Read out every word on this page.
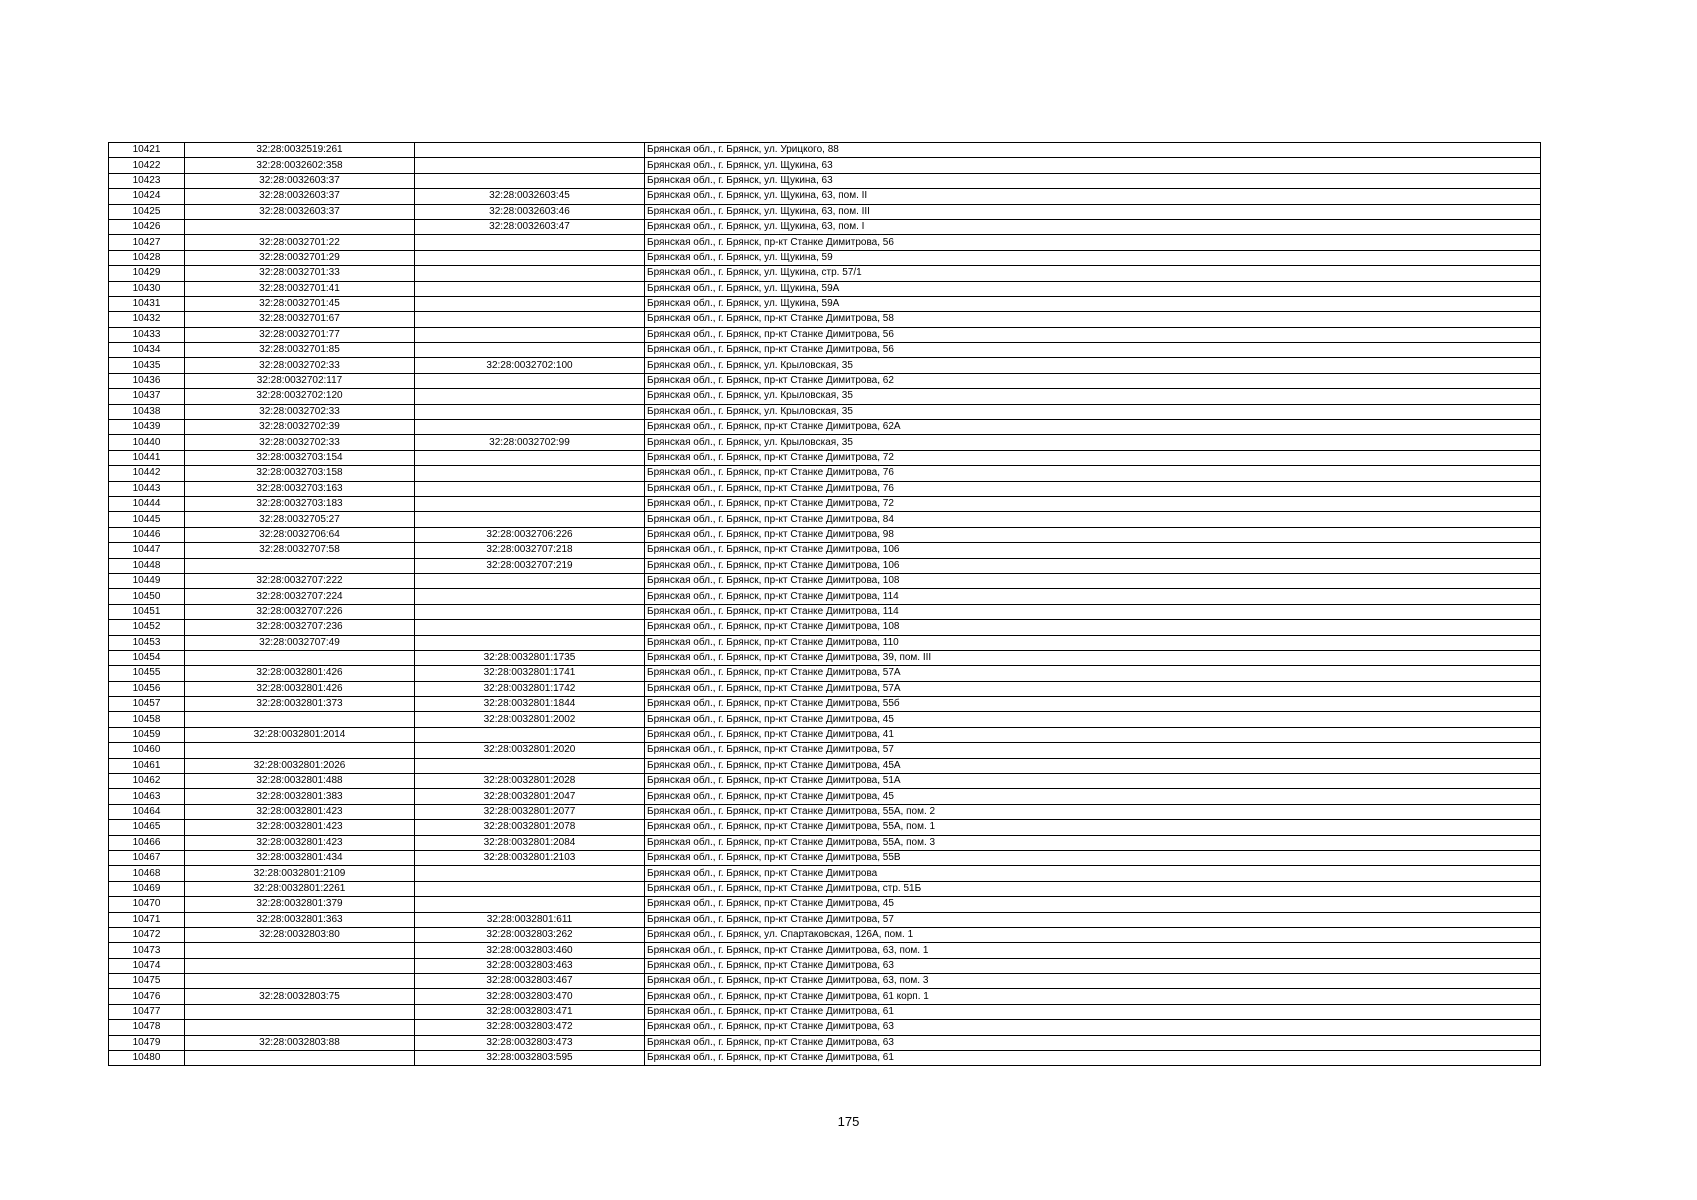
10421	32:28:0032519:261		Брянская обл., г. Брянск, ул. Урицкого, 88
10422	32:28:0032602:358		Брянская обл., г. Брянск, ул. Щукина, 63
10423	32:28:0032603:37		Брянская обл., г. Брянск, ул. Щукина, 63
10424	32:28:0032603:37	32:28:0032603:45	Брянская обл., г. Брянск, ул. Щукина, 63, пом. II
10425	32:28:0032603:37	32:28:0032603:46	Брянская обл., г. Брянск, ул. Щукина, 63, пом. III
10426		32:28:0032603:47	Брянская обл., г. Брянск, ул. Щукина, 63, пом. I
10427	32:28:0032701:22		Брянская обл., г. Брянск, пр-кт Станке Димитрова, 56
10428	32:28:0032701:29		Брянская обл., г. Брянск, ул. Щукина, 59
10429	32:28:0032701:33		Брянская обл., г. Брянск, ул. Щукина, стр. 57/1
10430	32:28:0032701:41		Брянская обл., г. Брянск, ул. Щукина, 59А
10431	32:28:0032701:45		Брянская обл., г. Брянск, ул. Щукина, 59А
10432	32:28:0032701:67		Брянская обл., г. Брянск, пр-кт Станке Димитрова, 58
10433	32:28:0032701:77		Брянская обл., г. Брянск, пр-кт Станке Димитрова, 56
10434	32:28:0032701:85		Брянская обл., г. Брянск, пр-кт Станке Димитрова, 56
10435	32:28:0032702:33	32:28:0032702:100	Брянская обл., г. Брянск, ул. Крыловская, 35
10436	32:28:0032702:117		Брянская обл., г. Брянск, пр-кт Станке Димитрова, 62
10437	32:28:0032702:120		Брянская обл., г. Брянск, ул. Крыловская, 35
10438	32:28:0032702:33		Брянская обл., г. Брянск, ул. Крыловская, 35
10439	32:28:0032702:39		Брянская обл., г. Брянск, пр-кт Станке Димитрова, 62А
10440	32:28:0032702:33	32:28:0032702:99	Брянская обл., г. Брянск, ул. Крыловская, 35
10441	32:28:0032703:154		Брянская обл., г. Брянск, пр-кт Станке Димитрова, 72
10442	32:28:0032703:158		Брянская обл., г. Брянск, пр-кт Станке Димитрова, 76
10443	32:28:0032703:163		Брянская обл., г. Брянск, пр-кт Станке Димитрова, 76
10444	32:28:0032703:183		Брянская обл., г. Брянск, пр-кт Станке Димитрова, 72
10445	32:28:0032705:27		Брянская обл., г. Брянск, пр-кт Станке Димитрова, 84
10446	32:28:0032706:64	32:28:0032706:226	Брянская обл., г. Брянск, пр-кт Станке Димитрова, 98
10447	32:28:0032707:58	32:28:0032707:218	Брянская обл., г. Брянск, пр-кт Станке Димитрова, 106
10448		32:28:0032707:219	Брянская обл., г. Брянск, пр-кт Станке Димитрова, 106
10449	32:28:0032707:222		Брянская обл., г. Брянск, пр-кт Станке Димитрова, 108
10450	32:28:0032707:224		Брянская обл., г. Брянск, пр-кт Станке Димитрова, 114
10451	32:28:0032707:226		Брянская обл., г. Брянск, пр-кт Станке Димитрова, 114
10452	32:28:0032707:236		Брянская обл., г. Брянск, пр-кт Станке Димитрова, 108
10453	32:28:0032707:49		Брянская обл., г. Брянск, пр-кт Станке Димитрова, 110
10454		32:28:0032801:1735	Брянская обл., г. Брянск, пр-кт Станке Димитрова, 39, пом. III
10455	32:28:0032801:426	32:28:0032801:1741	Брянская обл., г. Брянск, пр-кт Станке Димитрова, 57А
10456	32:28:0032801:426	32:28:0032801:1742	Брянская обл., г. Брянск, пр-кт Станке Димитрова, 57А
10457	32:28:0032801:373	32:28:0032801:1844	Брянская обл., г. Брянск, пр-кт Станке Димитрова, 55б
10458		32:28:0032801:2002	Брянская обл., г. Брянск, пр-кт Станке Димитрова, 45
10459	32:28:0032801:2014		Брянская обл., г. Брянск, пр-кт Станке Димитрова, 41
10460		32:28:0032801:2020	Брянская обл., г. Брянск, пр-кт Станке Димитрова, 57
10461	32:28:0032801:2026		Брянская обл., г. Брянск, пр-кт Станке Димитрова, 45А
10462	32:28:0032801:488	32:28:0032801:2028	Брянская обл., г. Брянск, пр-кт Станке Димитрова, 51А
10463	32:28:0032801:383	32:28:0032801:2047	Брянская обл., г. Брянск, пр-кт Станке Димитрова, 45
10464	32:28:0032801:423	32:28:0032801:2077	Брянская обл., г. Брянск, пр-кт Станке Димитрова, 55А, пом. 2
10465	32:28:0032801:423	32:28:0032801:2078	Брянская обл., г. Брянск, пр-кт Станке Димитрова, 55А, пом. 1
10466	32:28:0032801:423	32:28:0032801:2084	Брянская обл., г. Брянск, пр-кт Станке Димитрова, 55А, пом. 3
10467	32:28:0032801:434	32:28:0032801:2103	Брянская обл., г. Брянск, пр-кт Станке Димитрова, 55В
10468	32:28:0032801:2109		Брянская обл., г. Брянск, пр-кт Станке Димитрова
10469	32:28:0032801:2261		Брянская обл., г. Брянск, пр-кт Станке Димитрова, стр. 51Б
10470	32:28:0032801:379		Брянская обл., г. Брянск, пр-кт Станке Димитрова, 45
10471	32:28:0032801:363	32:28:0032801:611	Брянская обл., г. Брянск, пр-кт Станке Димитрова, 57
10472	32:28:0032803:80	32:28:0032803:262	Брянская обл., г. Брянск, ул. Спартаковская, 126А, пом. 1
10473		32:28:0032803:460	Брянская обл., г. Брянск, пр-кт Станке Димитрова, 63, пом. 1
10474		32:28:0032803:463	Брянская обл., г. Брянск, пр-кт Станке Димитрова, 63
10475		32:28:0032803:467	Брянская обл., г. Брянск, пр-кт Станке Димитрова, 63, пом. 3
10476	32:28:0032803:75	32:28:0032803:470	Брянская обл., г. Брянск, пр-кт Станке Димитрова, 61 корп. 1
10477		32:28:0032803:471	Брянская обл., г. Брянск, пр-кт Станке Димитрова, 61
10478		32:28:0032803:472	Брянская обл., г. Брянск, пр-кт Станке Димитрова, 63
10479	32:28:0032803:88	32:28:0032803:473	Брянская обл., г. Брянск, пр-кт Станке Димитрова, 63
10480		32:28:0032803:595	Брянская обл., г. Брянск, пр-кт Станке Димитрова, 61
175
